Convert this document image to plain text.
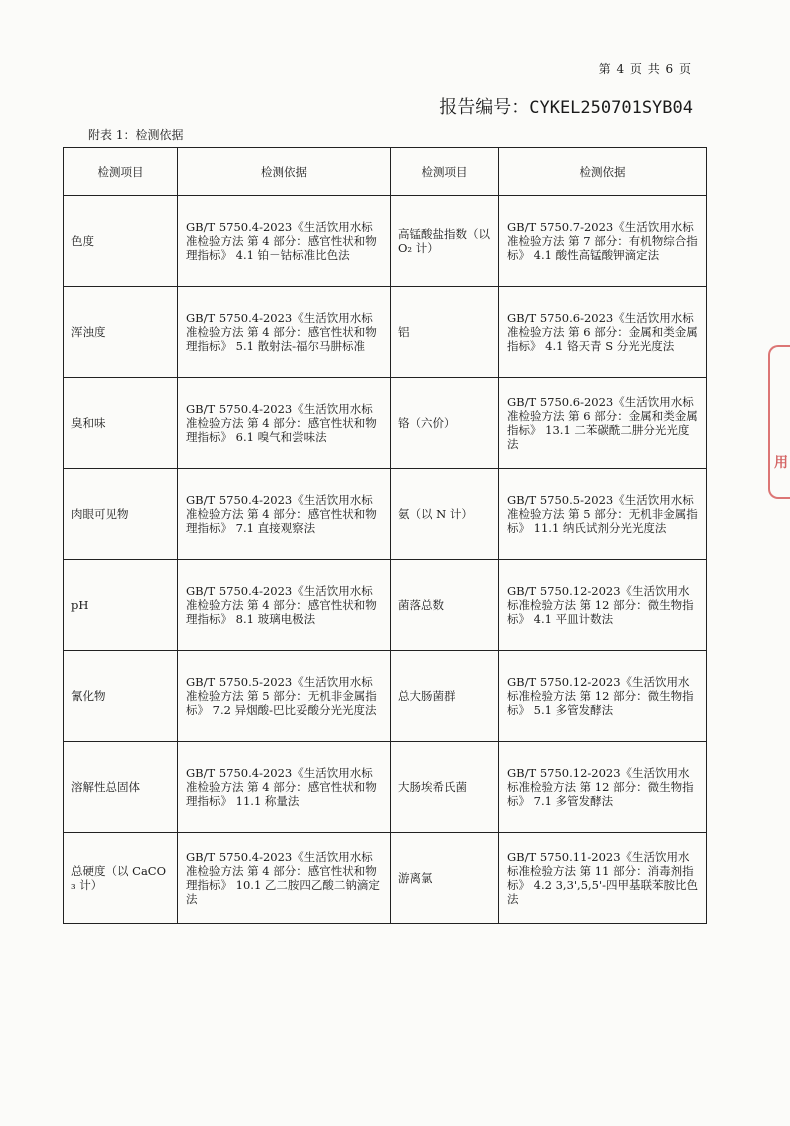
第 4 页 共 6 页
报告编号：CYKEL250701SYB04
附表 1：检测依据
检测项目	检测依据	检测项目	检测依据
色度	GB/T 5750.4-2023《生活饮用水标准检验方法 第 4 部分：感官性状和物理指标》 4.1 铂－钴标准比色法	高锰酸盐指数（以 O₂ 计）	GB/T 5750.7-2023《生活饮用水标准检验方法 第 7 部分：有机物综合指标》 4.1 酸性高锰酸钾滴定法
浑浊度	GB/T 5750.4-2023《生活饮用水标准检验方法 第 4 部分：感官性状和物理指标》 5.1 散射法-福尔马肼标准	铝	GB/T 5750.6-2023《生活饮用水标准检验方法 第 6 部分：金属和类金属指标》 4.1 铬天青 S 分光光度法
臭和味	GB/T 5750.4-2023《生活饮用水标准检验方法 第 4 部分：感官性状和物理指标》 6.1 嗅气和尝味法	铬（六价）	GB/T 5750.6-2023《生活饮用水标准检验方法 第 6 部分：金属和类金属指标》 13.1 二苯碳酰二肼分光光度法
肉眼可见物	GB/T 5750.4-2023《生活饮用水标准检验方法 第 4 部分：感官性状和物理指标》 7.1 直接观察法	氨（以 N 计）	GB/T 5750.5-2023《生活饮用水标准检验方法 第 5 部分：无机非金属指标》 11.1 纳氏试剂分光光度法
pH	GB/T 5750.4-2023《生活饮用水标准检验方法 第 4 部分：感官性状和物理指标》 8.1 玻璃电极法	菌落总数	GB/T 5750.12-2023《生活饮用水标准检验方法 第 12 部分：微生物指标》 4.1 平皿计数法
氰化物	GB/T 5750.5-2023《生活饮用水标准检验方法 第 5 部分：无机非金属指标》 7.2 异烟酸-巴比妥酸分光光度法	总大肠菌群	GB/T 5750.12-2023《生活饮用水标准检验方法 第 12 部分：微生物指标》 5.1 多管发酵法
溶解性总固体	GB/T 5750.4-2023《生活饮用水标准检验方法 第 4 部分：感官性状和物理指标》 11.1 称量法	大肠埃希氏菌	GB/T 5750.12-2023《生活饮用水标准检验方法 第 12 部分：微生物指标》 7.1 多管发酵法
总硬度（以 CaCO₃ 计）	GB/T 5750.4-2023《生活饮用水标准检验方法 第 4 部分：感官性状和物理指标》 10.1 乙二胺四乙酸二钠滴定法	游离氯	GB/T 5750.11-2023《生活饮用水标准检验方法 第 11 部分：消毒剂指标》 4.2 3,3',5,5'-四甲基联苯胺比色法
用
